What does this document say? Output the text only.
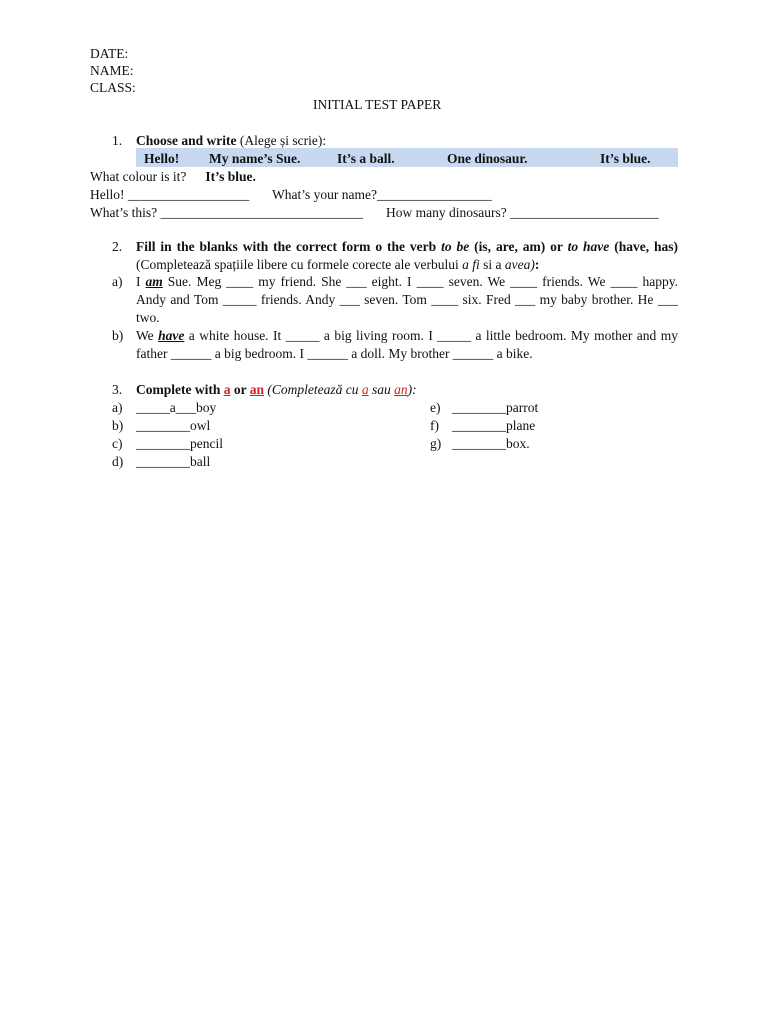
DATE:
NAME:
CLASS:
INITIAL TEST PAPER
1. Choose and write (Alege și scrie):
Hello! My name’s Sue.	It’s a ball.	One dinosaur.	It’s blue.
What colour is it? It’s blue.
Hello! __________________ What’s your name?_________________
What’s this? ______________________________ How many dinosaurs? ______________________
2. Fill in the blanks with the correct form o the verb to be (is, are, am) or to have (have, has) (Completează spațiile libere cu formele corecte ale verbului a fi si a avea):
a) I am Sue. Meg ____ my friend. She ___ eight. I ____ seven. We ____ friends. We ____ happy. Andy and Tom _____ friends. Andy ___ seven. Tom ____ six. Fred ___ my baby brother. He ___ two.
b) We have a white house. It _____ a big living room. I _____ a little bedroom. My mother and my father ______ a big bedroom. I ______ a doll. My brother ______ a bike.
3. Complete with a or an (Completează cu a sau an):
a) _____a___boy
b) ________owl
c) ________pencil
d) ________ball
e) ________parrot
f) ________plane
g) ________box.
